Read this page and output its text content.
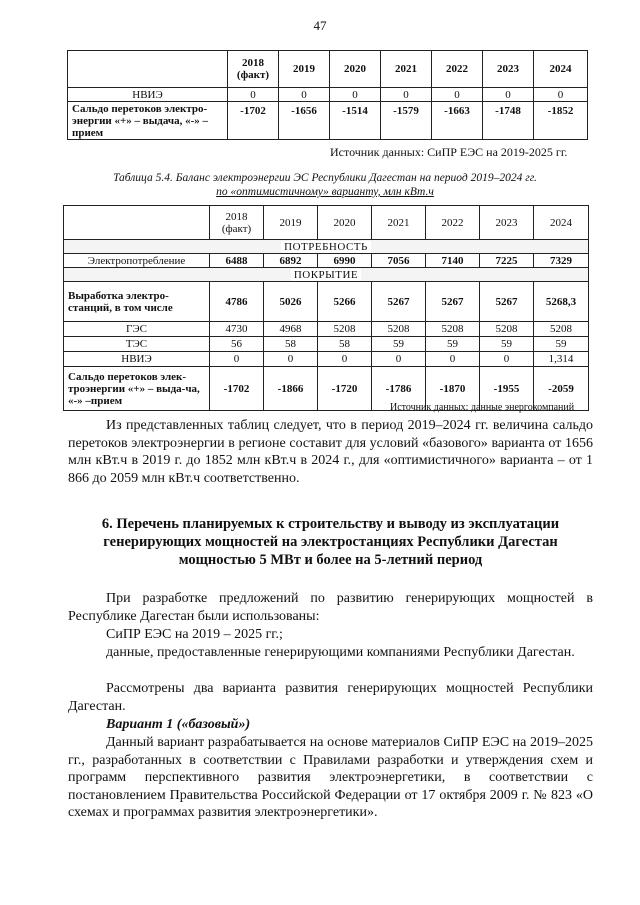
47
	2018 (факт)	2019	2020	2021	2022	2023	2024
НВИЭ	0	0	0	0	0	0	0
Сальдо перетоков электро-энергии «+» – выдача, «-» – прием	-1702	-1656	-1514	-1579	-1663	-1748	-1852
Источник данных: СиПР ЕЭС на 2019-2025 гг.
Таблица 5.4. Баланс электроэнергии ЭС Республики Дагестан на период 2019–2024 гг.
по «оптимистичному» варианту, млн кВт.ч
	2018 (факт)	2019	2020	2021	2022	2023	2024
ПОТРЕБНОСТЬ							
Электропотребление	6488	6892	6990	7056	7140	7225	7329
ПОКРЫТИЕ							
Выработка электро-станций, в том числе	4786	5026	5266	5267	5267	5267	5268,3
ГЭС	4730	4968	5208	5208	5208	5208	5208
ТЭС	56	58	58	59	59	59	59
НВИЭ	0	0	0	0	0	0	1,314
Сальдо перетоков элек-троэнергии «+» – выда-ча, «-» –прием	-1702	-1866	-1720	-1786	-1870	-1955	-2059
Источник данных: данные энергокомпаний
Из представленных таблиц следует, что в период 2019–2024 гг. величина сальдо перетоков электроэнергии в регионе составит для условий «базового» варианта от 1656 млн кВт.ч в 2019 г. до 1852 млн кВт.ч в 2024 г., для «оптимистичного» варианта – от 1 866 до 2059 млн кВт.ч соответственно.
6. Перечень планируемых к строительству и выводу из эксплуатации генерирующих мощностей на электростанциях Республики Дагестан мощностью 5 МВт и более на 5-летний период
При разработке предложений по развитию генерирующих мощностей в Республике Дагестан были использованы:
СиПР ЕЭС на 2019 – 2025 гг.;
данные, предоставленные генерирующими компаниями Республики Дагестан.
Рассмотрены два варианта развития генерирующих мощностей Республики Дагестан.
Вариант 1 («базовый»)
Данный вариант разрабатывается на основе материалов СиПР ЕЭС на 2019–2025 гг., разработанных в соответствии с Правилами разработки и утверждения схем и программ перспективного развития электроэнергетики, в соответствии с постановлением Правительства Российской Федерации от 17 октября 2009 г. № 823 «О схемах и программах развития электроэнергетики».
